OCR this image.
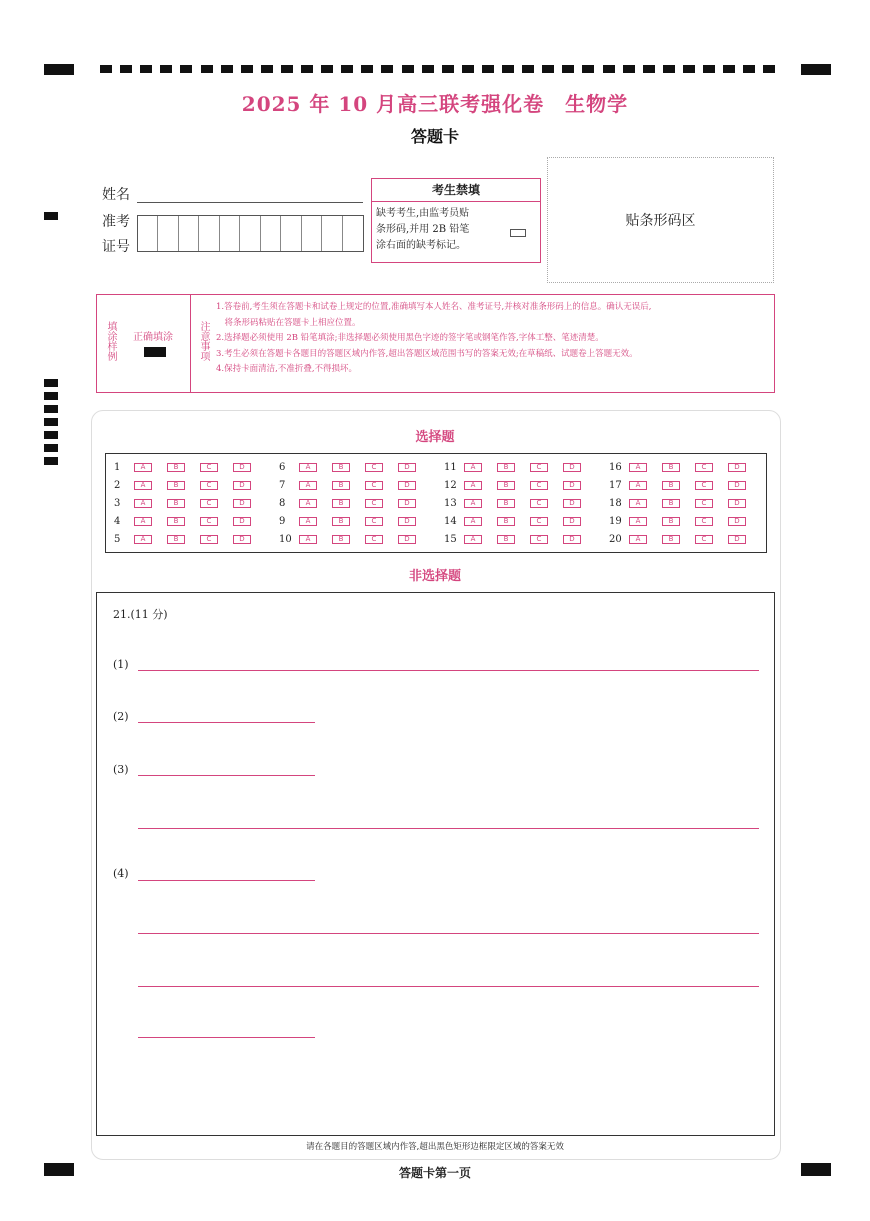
2025 年 10 月高三联考强化卷　生物学
答题卡
姓名
准考
证号
考生禁填
缺考考生,由监考员贴
条形码,并用 2B 铅笔
涂右面的缺考标记。
贴条形码区
填涂样例 正确填涂	注意事项
1.答卷前,考生须在答题卡和试卷上规定的位置,准确填写本人姓名、准考证号,并核对准条形码上的信息。确认无误后,
　将条形码粘贴在答题卡上相应位置。
2.选择题必须使用 2B 铅笔填涂;非选择题必须使用黑色字迹的签字笔或钢笔作答,字体工整、笔迹清楚。
3.考生必须在答题卡各题目的答题区域内作答,超出答题区域范围书写的答案无效;在草稿纸、试题卷上答题无效。
4.保持卡面清洁,不准折叠,不得损坏。
选择题
1	A	B	C	D
2	A	B	C	D
3	A	B	C	D
4	A	B	C	D
5	A	B	C	D
6	A	B	C	D
7	A	B	C	D
8	A	B	C	D
9	A	B	C	D
10	A	B	C	D
11	A	B	C	D
12	A	B	C	D
13	A	B	C	D
14	A	B	C	D
15	A	B	C	D
16	A	B	C	D
17	A	B	C	D
18	A	B	C	D
19	A	B	C	D
20	A	B	C	D
非选择题
21.(11 分)
(1)
(2)
(3)
(4)
请在各题目的答题区域内作答,超出黑色矩形边框限定区域的答案无效
答题卡第一页
